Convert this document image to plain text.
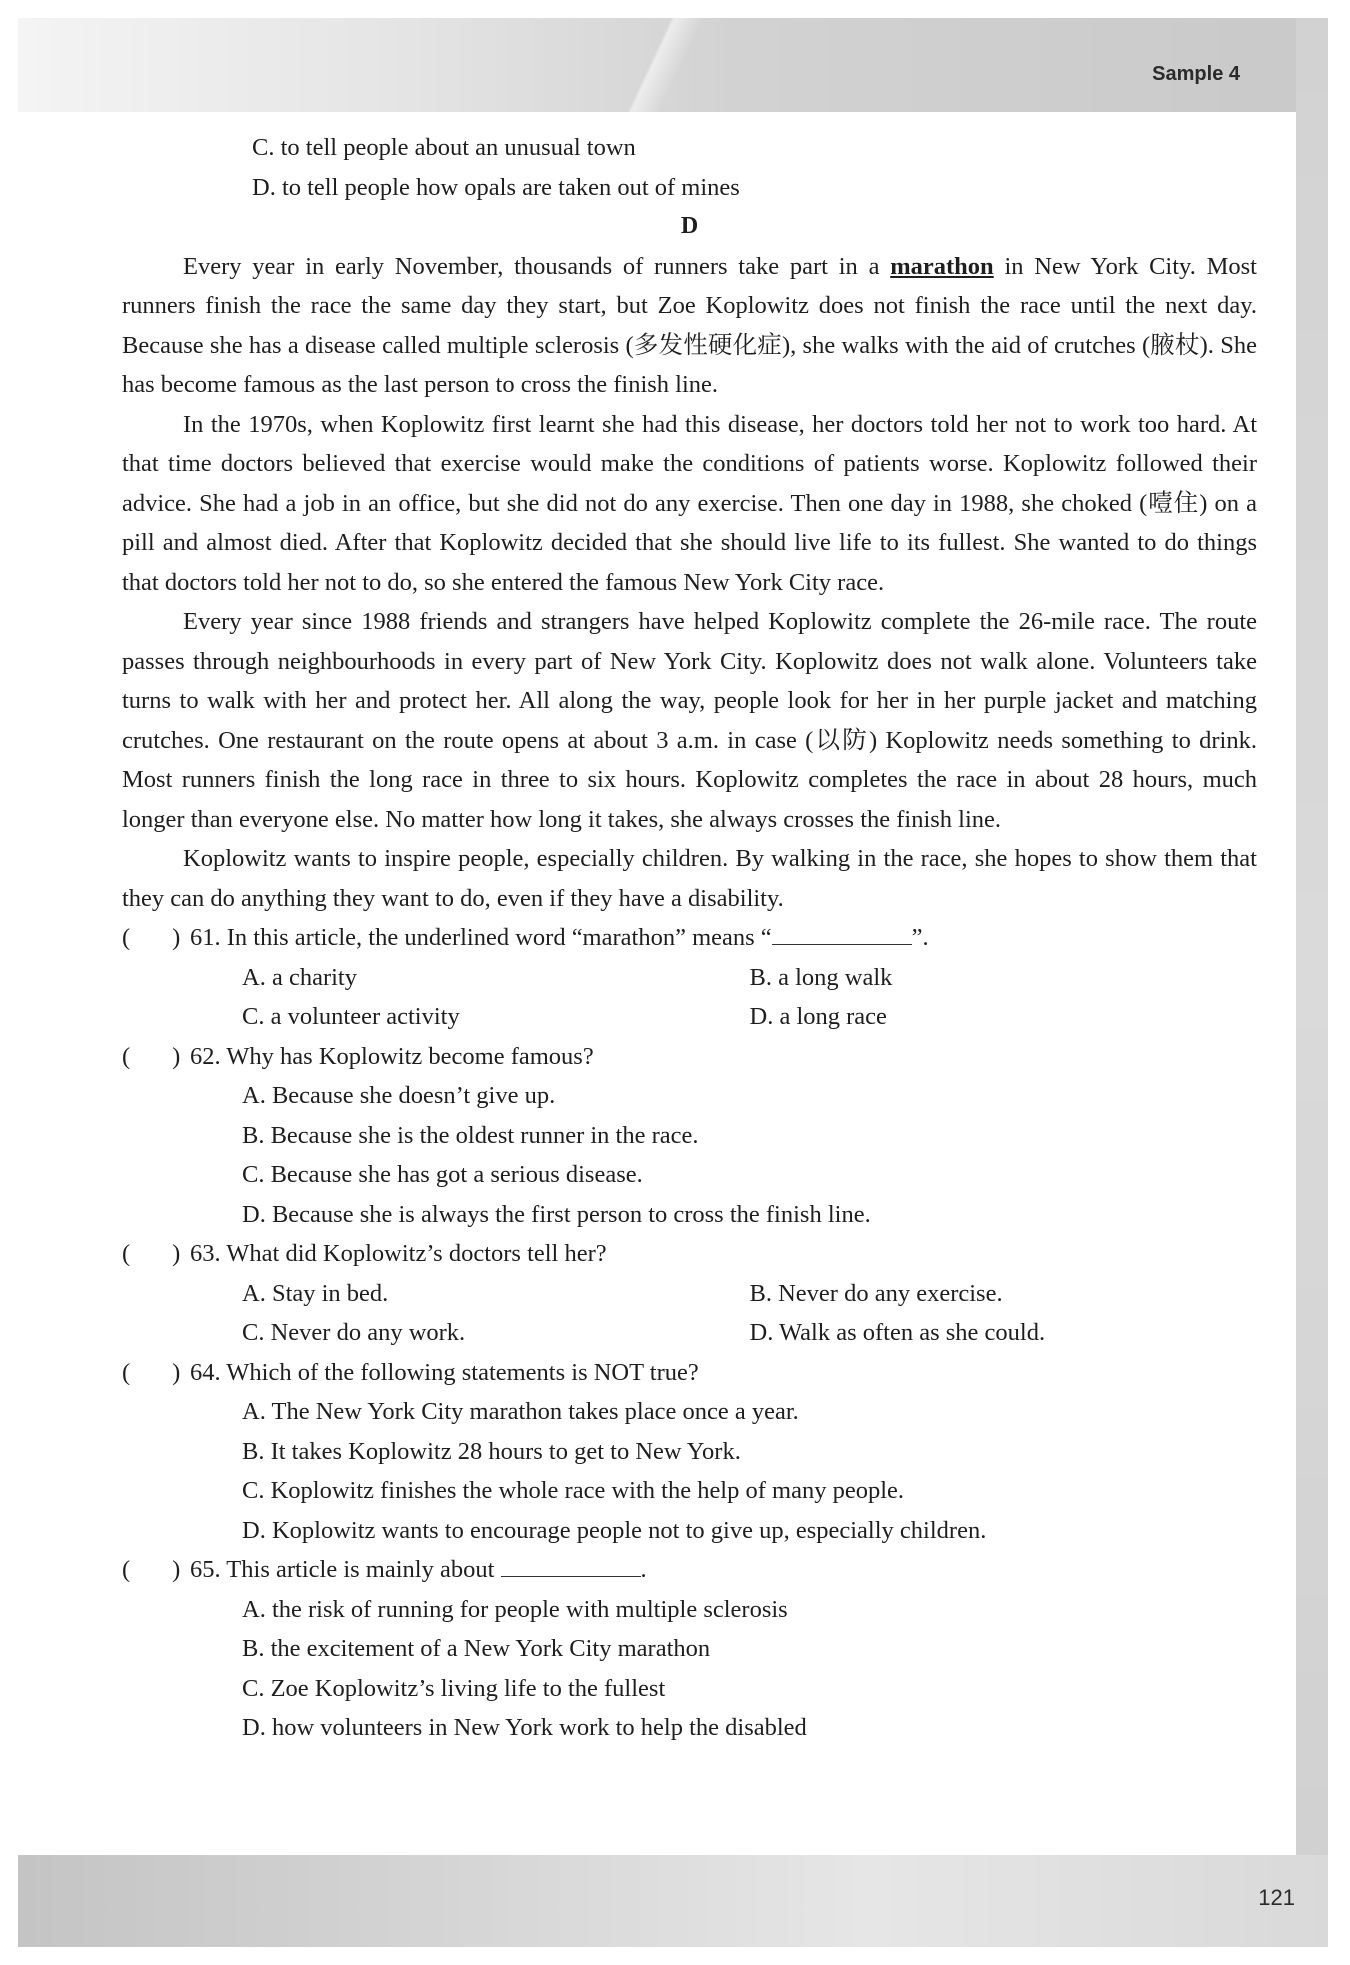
Sample 4
C. to tell people about an unusual town
D. to tell people how opals are taken out of mines
D
Every year in early November, thousands of runners take part in a marathon in New York City. Most runners finish the race the same day they start, but Zoe Koplowitz does not finish the race until the next day. Because she has a disease called multiple sclerosis (多发性硬化症), she walks with the aid of crutches (腋杖). She has become famous as the last person to cross the finish line.
In the 1970s, when Koplowitz first learnt she had this disease, her doctors told her not to work too hard. At that time doctors believed that exercise would make the conditions of patients worse. Koplowitz followed their advice. She had a job in an office, but she did not do any exercise. Then one day in 1988, she choked (噎住) on a pill and almost died. After that Koplowitz decided that she should live life to its fullest. She wanted to do things that doctors told her not to do, so she entered the famous New York City race.
Every year since 1988 friends and strangers have helped Koplowitz complete the 26-mile race. The route passes through neighbourhoods in every part of New York City. Koplowitz does not walk alone. Volunteers take turns to walk with her and protect her. All along the way, people look for her in her purple jacket and matching crutches. One restaurant on the route opens at about 3 a.m. in case (以防) Koplowitz needs something to drink. Most runners finish the long race in three to six hours. Koplowitz completes the race in about 28 hours, much longer than everyone else. No matter how long it takes, she always crosses the finish line.
Koplowitz wants to inspire people, especially children. By walking in the race, she hopes to show them that they can do anything they want to do, even if they have a disability.
( ) 61. In this article, the underlined word “marathon” means “	”.
A. a charity	B. a long walk
C. a volunteer activity	D. a long race
( ) 62. Why has Koplowitz become famous?
A. Because she doesn’t give up.
B. Because she is the oldest runner in the race.
C. Because she has got a serious disease.
D. Because she is always the first person to cross the finish line.
( ) 63. What did Koplowitz’s doctors tell her?
A. Stay in bed.	B. Never do any exercise.
C. Never do any work.	D. Walk as often as she could.
( ) 64. Which of the following statements is NOT true?
A. The New York City marathon takes place once a year.
B. It takes Koplowitz 28 hours to get to New York.
C. Koplowitz finishes the whole race with the help of many people.
D. Koplowitz wants to encourage people not to give up, especially children.
( ) 65. This article is mainly about	.
A. the risk of running for people with multiple sclerosis
B. the excitement of a New York City marathon
C. Zoe Koplowitz’s living life to the fullest
D. how volunteers in New York work to help the disabled
121
